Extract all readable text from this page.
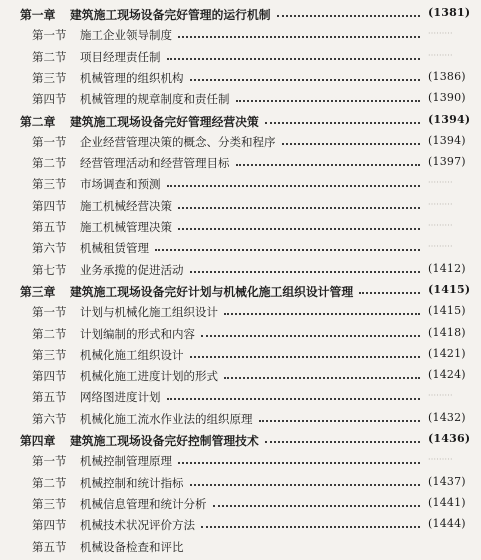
第一章 建筑施工现场设备完好管理的运行机制	(1381)
第一节 施工企业领导制度	·········
第二节 项目经理责任制	·········
第三节 机械管理的组织机构	(1386)
第四节 机械管理的规章制度和责任制	(1390)
第二章 建筑施工现场设备完好管理经营决策	(1394)
第一节 企业经营管理决策的概念、分类和程序	(1394)
第二节 经营管理活动和经营管理目标	(1397)
第三节 市场调查和预测	·········
第四节 施工机械经营决策	·········
第五节 施工机械管理决策	·········
第六节 机械租赁管理	·········
第七节 业务承揽的促进活动	(1412)
第三章 建筑施工现场设备完好计划与机械化施工组织设计管理	(1415)
第一节 计划与机械化施工组织设计	(1415)
第二节 计划编制的形式和内容	(1418)
第三节 机械化施工组织设计	(1421)
第四节 机械化施工进度计划的形式	(1424)
第五节 网络图进度计划	·········
第六节 机械化施工流水作业法的组织原理	(1432)
第四章 建筑施工现场设备完好控制管理技术	(1436)
第一节 机械控制管理原理	·········
第二节 机械控制和统计指标	(1437)
第三节 机械信息管理和统计分析	(1441)
第四节 机械技术状况评价方法	(1444)
第五节 机械设备检查和评比
